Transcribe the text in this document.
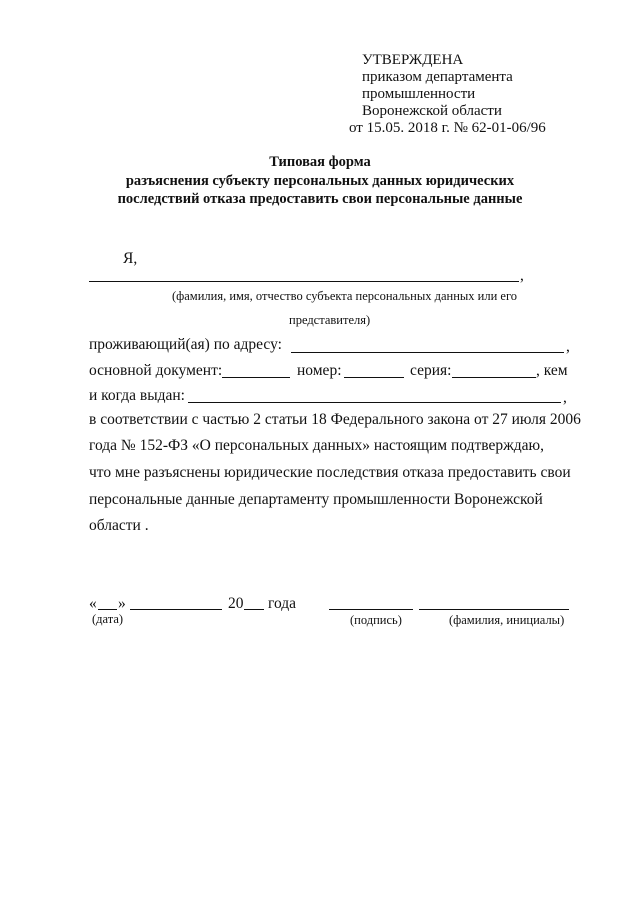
УТВЕРЖДЕНА
приказом департамента
промышленности
Воронежской области
от 15.05. 2018 г. № 62-01-06/96
Типовая форма
разъяснения субъекту персональных данных юридических
последствий отказа предоставить свои персональные данные
Я,
,
(фамилия, имя, отчество субъекта персональных данных или его
представителя)
проживающий(ая) по адресу:	,
основной документ:	номер:	серия:	, кем
и когда выдан:	,
в соответствии с частью 2 статьи 18 Федерального закона от 27 июля 2006
года № 152-ФЗ «О персональных данных» настоящим подтверждаю,
что мне разъяснены юридические последствия отказа предоставить свои
персональные данные департаменту промышленности Воронежской
области .
« »	20 года
(дата)	(подпись)	(фамилия, инициалы)
